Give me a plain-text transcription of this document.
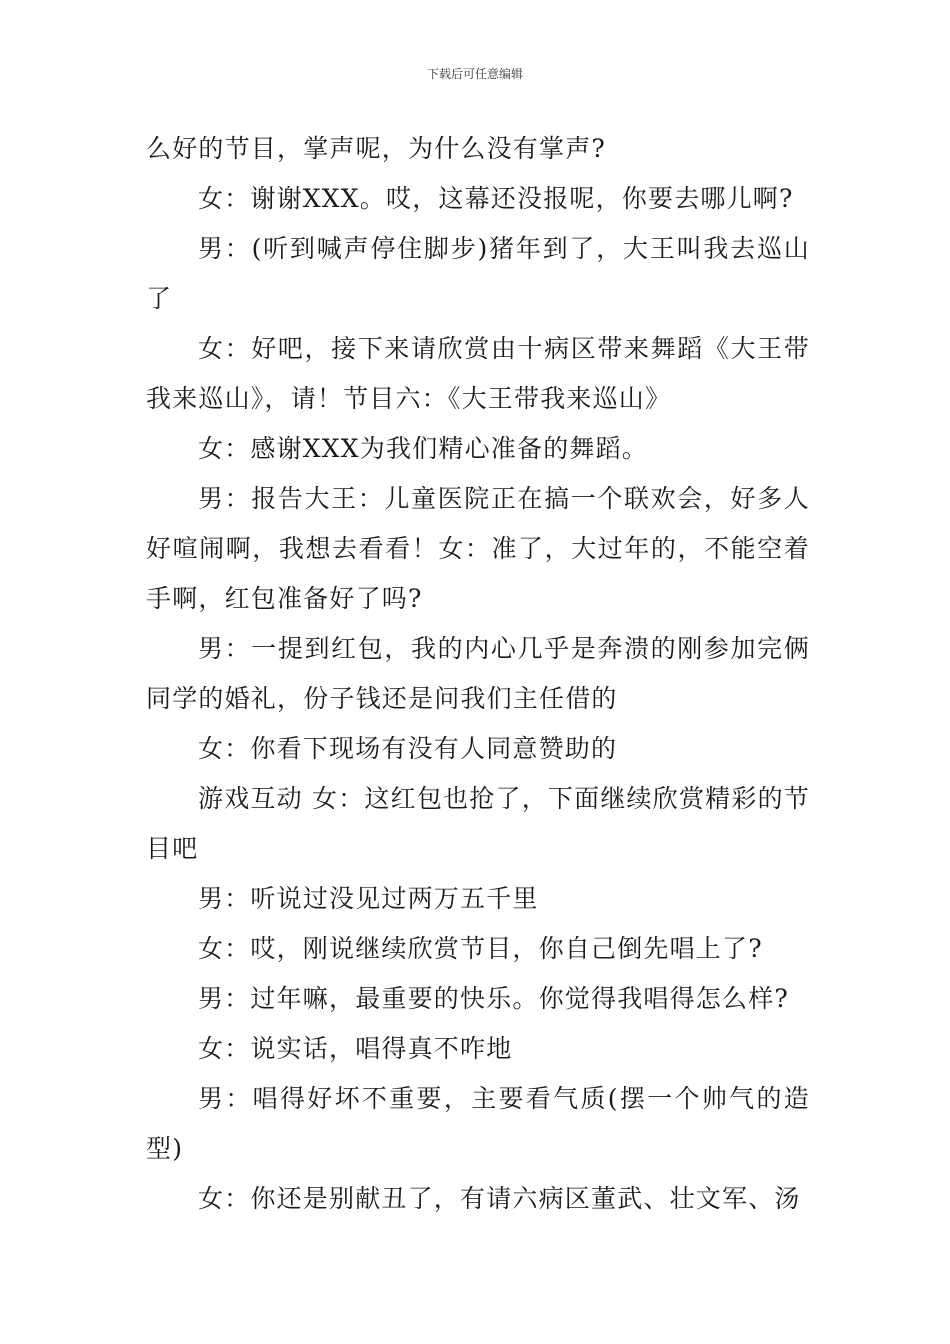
下载后可任意编辑

么好的节目，掌声呢，为什么没有掌声?

女：谢谢XXX。哎，这幕还没报呢，你要去哪儿啊?

男：(听到喊声停住脚步)猪年到了，大王叫我去巡山了

女：好吧，接下来请欣赏由十病区带来舞蹈《大王带我来巡山》，请！节目六：《大王带我来巡山》

女：感谢XXX为我们精心准备的舞蹈。

男：报告大王：儿童医院正在搞一个联欢会，好多人好喧闹啊，我想去看看！女：准了，大过年的，不能空着手啊，红包准备好了吗?

男：一提到红包，我的内心几乎是奔溃的刚参加完俩同学的婚礼，份子钱还是问我们主任借的

女：你看下现场有没有人同意赞助的

游戏互动 女：这红包也抢了，下面继续欣赏精彩的节目吧

男：听说过没见过两万五千里

女：哎，刚说继续欣赏节目，你自己倒先唱上了?

男：过年嘛，最重要的快乐。你觉得我唱得怎么样?

女：说实话，唱得真不咋地

男：唱得好坏不重要，主要看气质(摆一个帅气的造型)

女：你还是别献丑了，有请六病区董武、壮文军、汤
